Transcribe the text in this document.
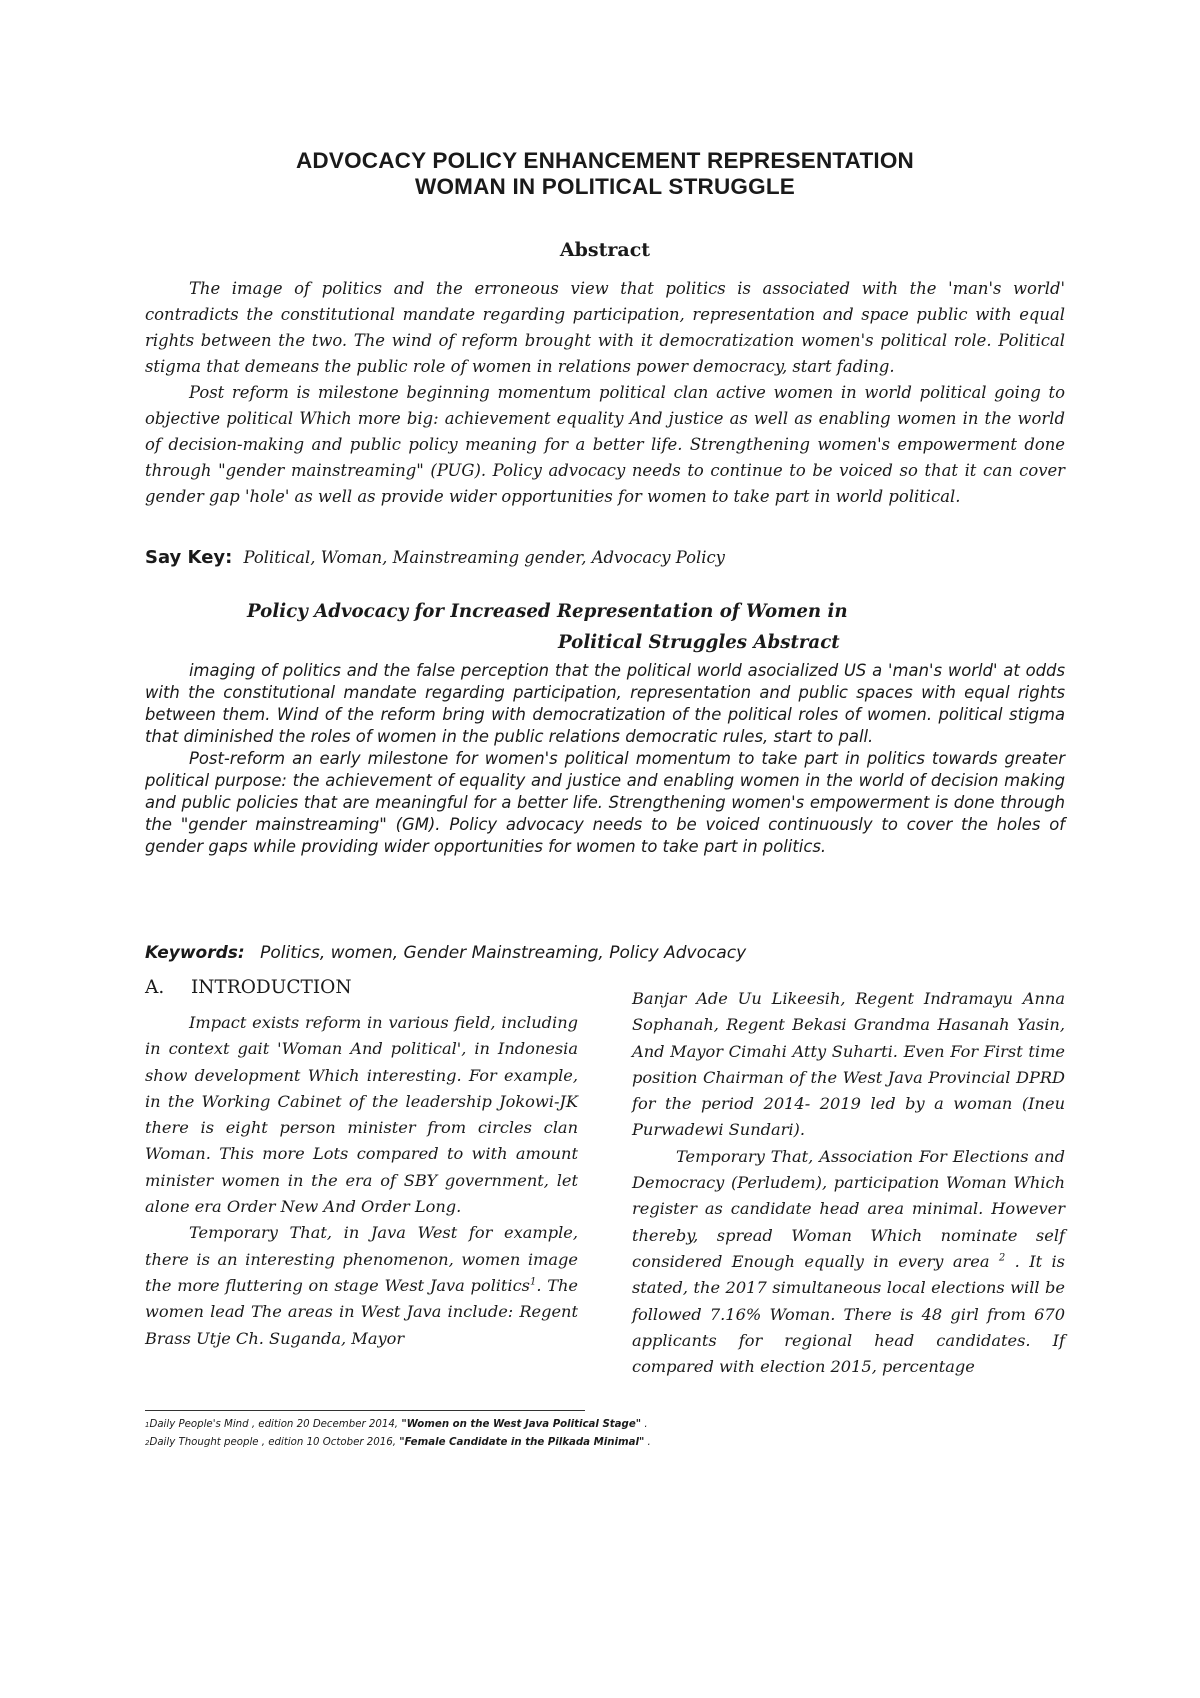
ADVOCACY POLICY ENHANCEMENT REPRESENTATION
WOMAN IN POLITICAL STRUGGLE
Abstract

The image of politics and the erroneous view that politics is associated with the 'man's world' contradicts the constitutional mandate regarding participation, representation and space public with equal rights between the two. The wind of reform brought with it democratization women's political role. Political stigma that demeans the public role of women in relations power democracy, start fading.

Post reform is milestone beginning momentum political clan active women in world political going to objective political Which more big: achievement equality And justice as well as enabling women in the world of decision-making and public policy meaning for a better life. Strengthening women's empowerment done through "gender mainstreaming" (PUG). Policy advocacy needs to continue to be voiced so that it can cover gender gap 'hole' as well as provide wider opportunities for women to take part in world political.

Say Key: Political, Woman, Mainstreaming gender, Advocacy Policy
Policy Advocacy for Increased Representation of Women in
Political Struggles Abstract

imaging of politics and the false perception that the political world asocialized US a 'man's world' at odds with the constitutional mandate regarding participation, representation and public spaces with equal rights between them. Wind of the reform bring with democratization of the political roles of women. political stigma that diminished the roles of women in the public relations democratic rules, start to pall.

Post-reform an early milestone for women's political momentum to take part in politics towards greater political purpose: the achievement of equality and justice and enabling women in the world of decision making and public policies that are meaningful for a better life. Strengthening women's empowerment is done through the "gender mainstreaming" (GM). Policy advocacy needs to be voiced continuously to cover the holes of gender gaps while providing wider opportunities for women to take part in politics.

Keywords: Politics, women, Gender Mainstreaming, Policy Advocacy
A. INTRODUCTION

Impact exists reform in various field, including in context gait 'Woman And political', in Indonesia show development Which interesting. For example, in the Working Cabinet of the leadership Jokowi-JK there is eight person minister from circles clan Woman. This more Lots compared to with amount minister women in the era of SBY government, let alone era Order New And Order Long.

Temporary That, in Java West for example, there is an interesting phenomenon, women image the more fluttering on stage West Java politics$^1$. The women lead The areas in West Java include: Regent Brass Utje Ch. Suganda, Mayor

Banjar Ade Uu Likeesih, Regent Indramayu Anna Sophanah, Regent Bekasi Grandma Hasanah Yasin, And Mayor Cimahi Atty Suharti. Even For First time position Chairman of the West Java Provincial DPRD for the period 2014- 2019 led by a woman (Ineu Purwadewi Sundari).

Temporary That, Association For Elections and Democracy (Perludem), participation Woman Which register as candidate head area minimal. However thereby, spread Woman Which nominate self considered Enough equally in every area $^2$ . It is stated, the 2017 simultaneous local elections will be followed 7.16% Woman. There is 48 girl from 670 applicants for regional head candidates. If compared with election 2015, percentage

$^1$Daily People's Mind , edition 20 December 2014, "Women on the West Java Political Stage" .
$^2$Daily Thought people , edition 10 October 2016, "Female Candidate in the Pilkada Minimal" .
